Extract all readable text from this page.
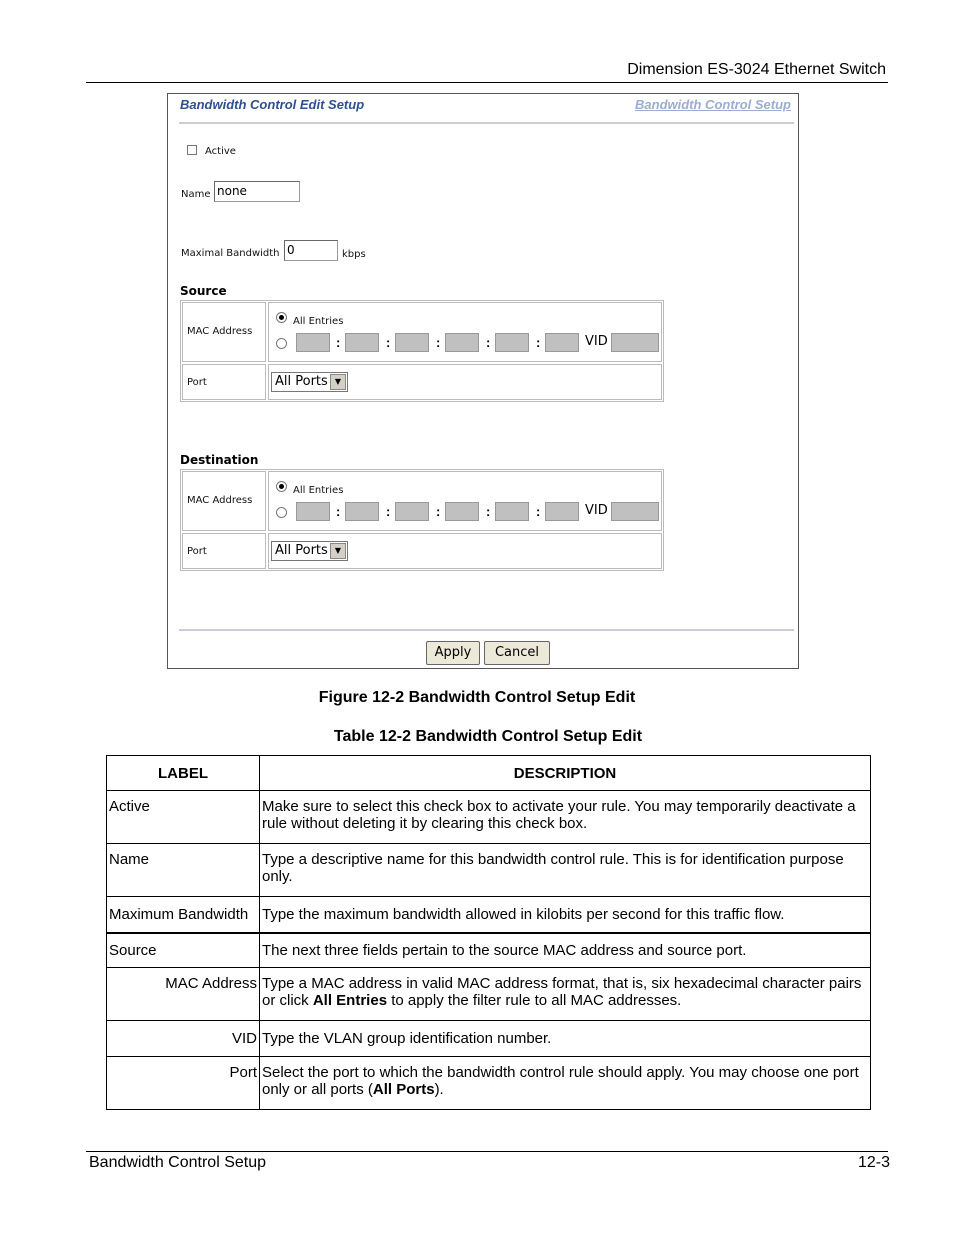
Dimension ES-3024 Ethernet Switch
Bandwidth Control Edit Setup	Bandwidth Control Setup
Active
Name none
Maximal Bandwidth 0	kbps
Source
MAC Address
All Entries
:	:	:	:	:	VID
Port	All Ports ▼
Destination
MAC Address
All Entries
:	:	:	:	:	VID
Port	All Ports ▼
Apply	Cancel
Figure 12-2 Bandwidth Control Setup Edit
Table 12-2 Bandwidth Control Setup Edit
LABEL	DESCRIPTION
Active	Make sure to select this check box to activate your rule. You may temporarily deactivate a rule without deleting it by clearing this check box.
Name	Type a descriptive name for this bandwidth control rule. This is for identification purpose only.
Maximum Bandwidth	Type the maximum bandwidth allowed in kilobits per second for this traffic flow.
Source	The next three fields pertain to the source MAC address and source port.
MAC Address	Type a MAC address in valid MAC address format, that is, six hexadecimal character pairs or click All Entries to apply the filter rule to all MAC addresses.
VID	Type the VLAN group identification number.
Port	Select the port to which the bandwidth control rule should apply. You may choose one port only or all ports (All Ports).
Bandwidth Control Setup	12-3
